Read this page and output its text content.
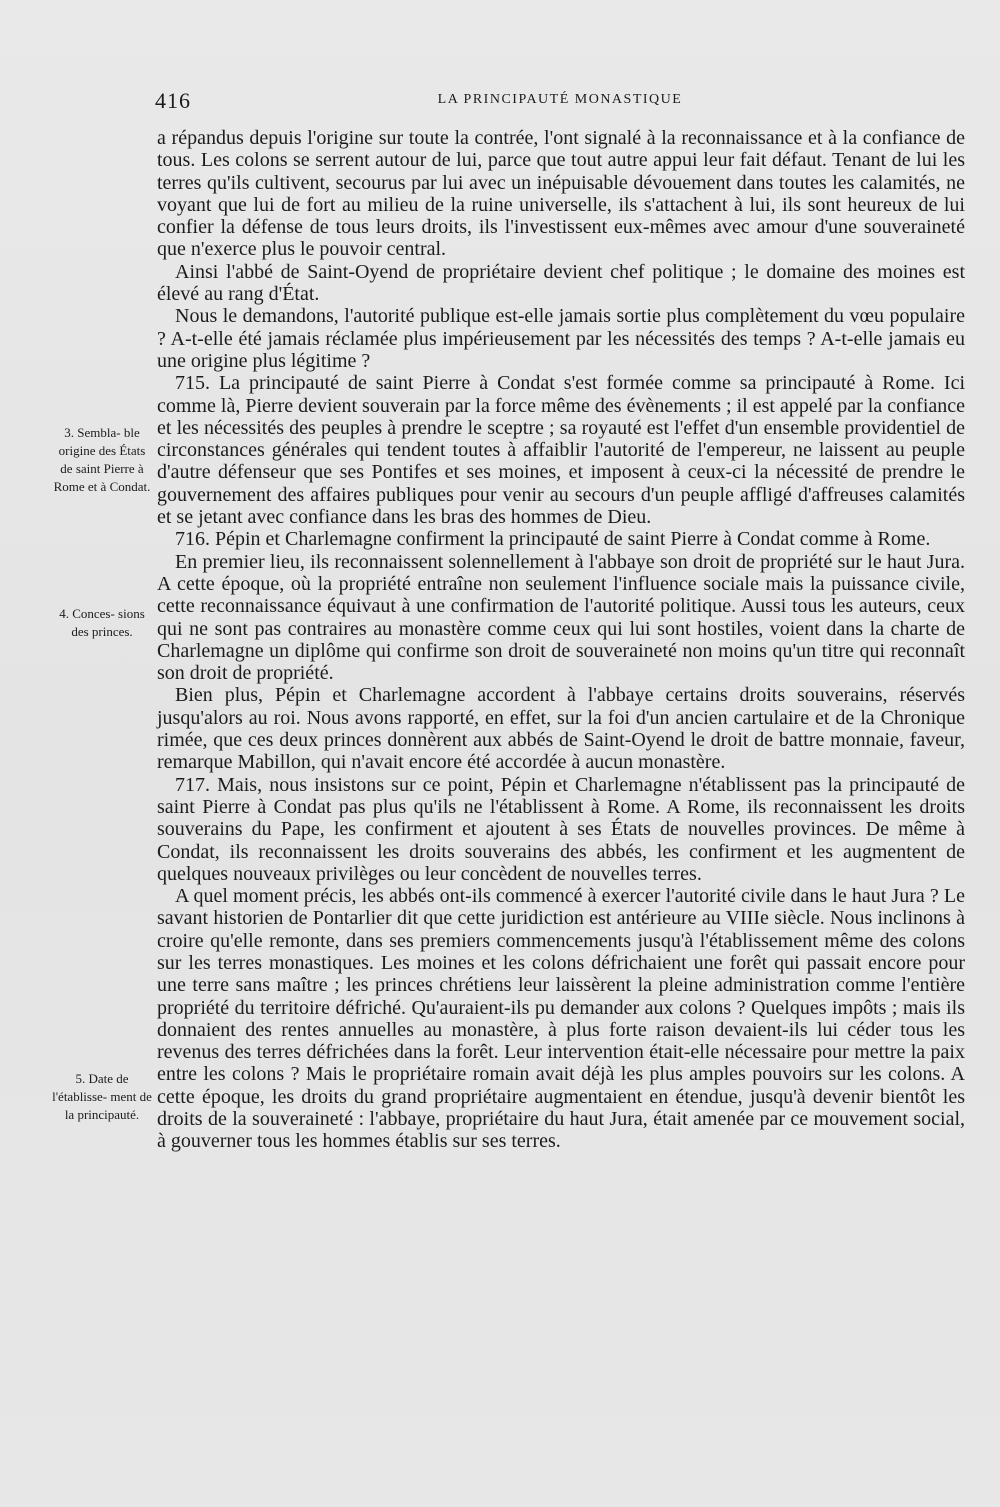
416	LA PRINCIPAUTÉ MONASTIQUE
3. Sembla- ble origine des États de saint Pierre à Rome et à Condat.
4. Conces- sions des princes.
5. Date de l'établisse- ment de la principauté.

a répandus depuis l'origine sur toute la contrée, l'ont signalé à la reconnaissance et à la confiance de tous. Les colons se serrent autour de lui, parce que tout autre appui leur fait défaut. Tenant de lui les terres qu'ils cultivent, secourus par lui avec un inépuisable dévouement dans toutes les calamités, ne voyant que lui de fort au milieu de la ruine universelle, ils s'attachent à lui, ils sont heureux de lui confier la défense de tous leurs droits, ils l'investissent eux-mêmes avec amour d'une souveraineté que n'exerce plus le pouvoir central.

Ainsi l'abbé de Saint-Oyend de propriétaire devient chef politique ; le domaine des moines est élevé au rang d'État.

Nous le demandons, l'autorité publique est-elle jamais sortie plus complètement du vœu populaire ? A-t-elle été jamais réclamée plus impérieusement par les nécessités des temps ? A-t-elle jamais eu une origine plus légitime ?

715. La principauté de saint Pierre à Condat s'est formée comme sa principauté à Rome. Ici comme là, Pierre devient souverain par la force même des évènements ; il est appelé par la confiance et les nécessités des peuples à prendre le sceptre ; sa royauté est l'effet d'un ensemble providentiel de circonstances générales qui tendent toutes à affaiblir l'autorité de l'empereur, ne laissent au peuple d'autre défenseur que ses Pontifes et ses moines, et imposent à ceux-ci la nécessité de prendre le gouvernement des affaires publiques pour venir au secours d'un peuple affligé d'affreuses calamités et se jetant avec confiance dans les bras des hommes de Dieu.

716. Pépin et Charlemagne confirment la principauté de saint Pierre à Condat comme à Rome.

En premier lieu, ils reconnaissent solennellement à l'abbaye son droit de propriété sur le haut Jura. A cette époque, où la propriété entraîne non seulement l'influence sociale mais la puissance civile, cette reconnaissance équivaut à une confirmation de l'autorité politique. Aussi tous les auteurs, ceux qui ne sont pas contraires au monastère comme ceux qui lui sont hostiles, voient dans la charte de Charlemagne un diplôme qui confirme son droit de souveraineté non moins qu'un titre qui reconnaît son droit de propriété.

Bien plus, Pépin et Charlemagne accordent à l'abbaye certains droits souverains, réservés jusqu'alors au roi. Nous avons rapporté, en effet, sur la foi d'un ancien cartulaire et de la Chronique rimée, que ces deux princes donnèrent aux abbés de Saint-Oyend le droit de battre monnaie, faveur, remarque Mabillon, qui n'avait encore été accordée à aucun monastère.

717. Mais, nous insistons sur ce point, Pépin et Charlemagne n'établissent pas la principauté de saint Pierre à Condat pas plus qu'ils ne l'établissent à Rome. A Rome, ils reconnaissent les droits souverains du Pape, les confirment et ajoutent à ses États de nouvelles provinces. De même à Condat, ils reconnaissent les droits souverains des abbés, les confirment et les augmentent de quelques nouveaux privilèges ou leur concèdent de nouvelles terres.

A quel moment précis, les abbés ont-ils commencé à exercer l'autorité civile dans le haut Jura ? Le savant historien de Pontarlier dit que cette juridiction est antérieure au VIIIe siècle. Nous inclinons à croire qu'elle remonte, dans ses premiers commencements jusqu'à l'établissement même des colons sur les terres monastiques. Les moines et les colons défrichaient une forêt qui passait encore pour une terre sans maître ; les princes chrétiens leur laissèrent la pleine administration comme l'entière propriété du territoire défriché. Qu'auraient-ils pu demander aux colons ? Quelques impôts ; mais ils donnaient des rentes annuelles au monastère, à plus forte raison devaient-ils lui céder tous les revenus des terres défrichées dans la forêt. Leur intervention était-elle nécessaire pour mettre la paix entre les colons ? Mais le propriétaire romain avait déjà les plus amples pouvoirs sur les colons. A cette époque, les droits du grand propriétaire augmentaient en étendue, jusqu'à devenir bientôt les droits de la souveraineté : l'abbaye, propriétaire du haut Jura, était amenée par ce mouvement social, à gouverner tous les hommes établis sur ses terres.
